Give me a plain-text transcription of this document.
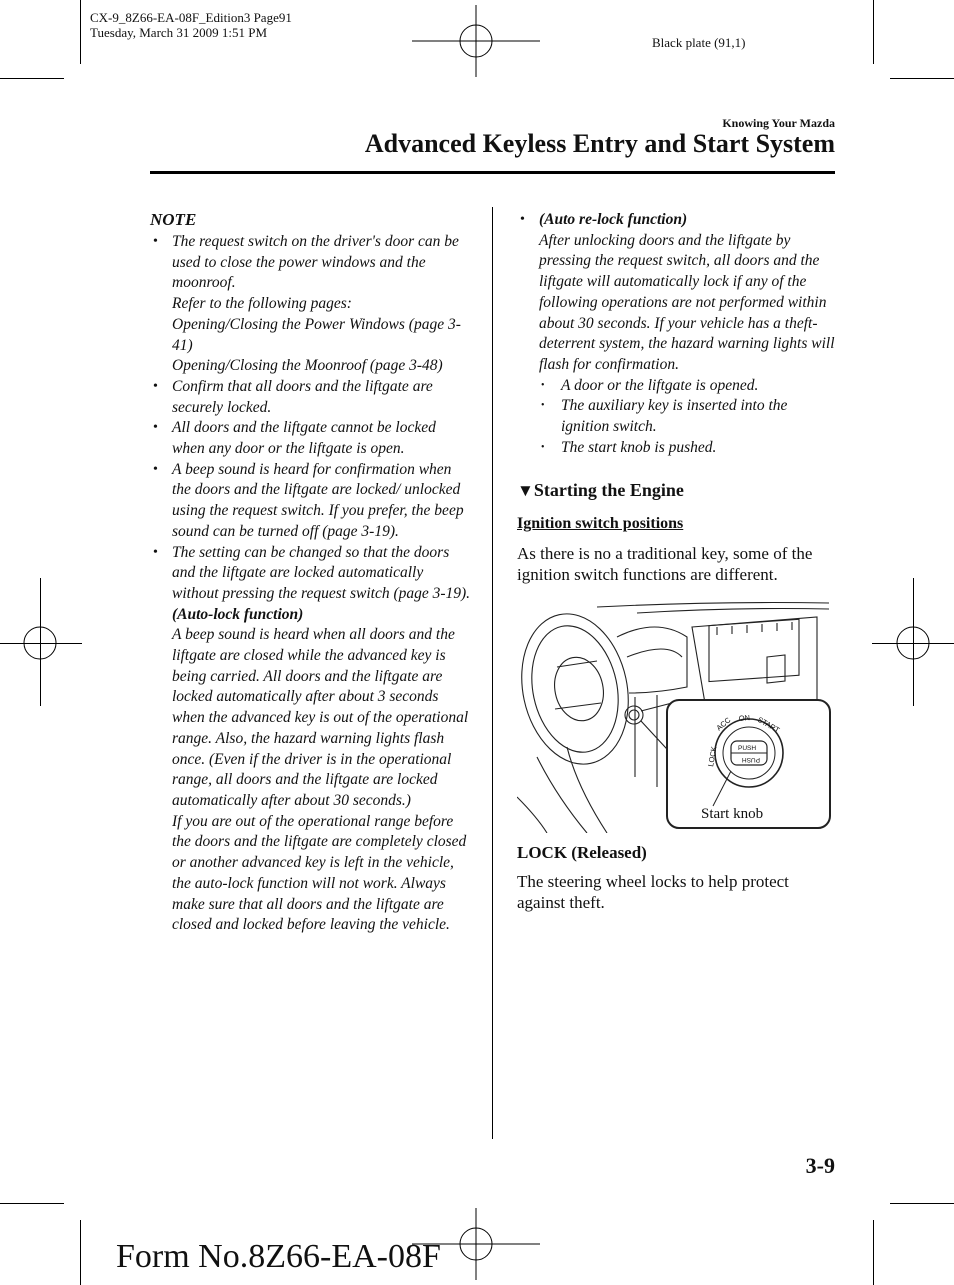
CX-9_8Z66-EA-08F_Edition3 Page91
Tuesday, March 31 2009 1:51 PM
Black plate (91,1)
Knowing Your Mazda
Advanced Keyless Entry and Start System
NOTE
• The request switch on the driver's door can be used to close the power windows and the moonroof.
Refer to the following pages:
Opening/Closing the Power Windows (page 3-41)
Opening/Closing the Moonroof (page 3-48)
• Confirm that all doors and the liftgate are securely locked.
• All doors and the liftgate cannot be locked when any door or the liftgate is open.
• A beep sound is heard for confirmation when the doors and the liftgate are locked/ unlocked using the request switch. If you prefer, the beep sound can be turned off (page 3-19).
• The setting can be changed so that the doors and the liftgate are locked automatically without pressing the request switch (page 3-19).
(Auto-lock function)
A beep sound is heard when all doors and the liftgate are closed while the advanced key is being carried. All doors and the liftgate are locked automatically after about 3 seconds when the advanced key is out of the operational range. Also, the hazard warning lights flash once. (Even if the driver is in the operational range, all doors and the liftgate are locked automatically after about 30 seconds.)
If you are out of the operational range before the doors and the liftgate are completely closed or another advanced key is left in the vehicle, the auto-lock function will not work. Always make sure that all doors and the liftgate are closed and locked before leaving the vehicle.
• (Auto re-lock function)
After unlocking doors and the liftgate by pressing the request switch, all doors and the liftgate will automatically lock if any of the following operations are not performed within about 30 seconds. If your vehicle has a theft-deterrent system, the hazard warning lights will flash for confirmation.
• A door or the liftgate is opened.
• The auxiliary key is inserted into the ignition switch.
• The start knob is pushed.
▼Starting the Engine
Ignition switch positions
As there is no a traditional key, some of the ignition switch functions are different.
LOCK
ACC ON START
PUSH
PUSH
Start knob
LOCK (Released)
The steering wheel locks to help protect against theft.
3-9
Form No.8Z66-EA-08F
